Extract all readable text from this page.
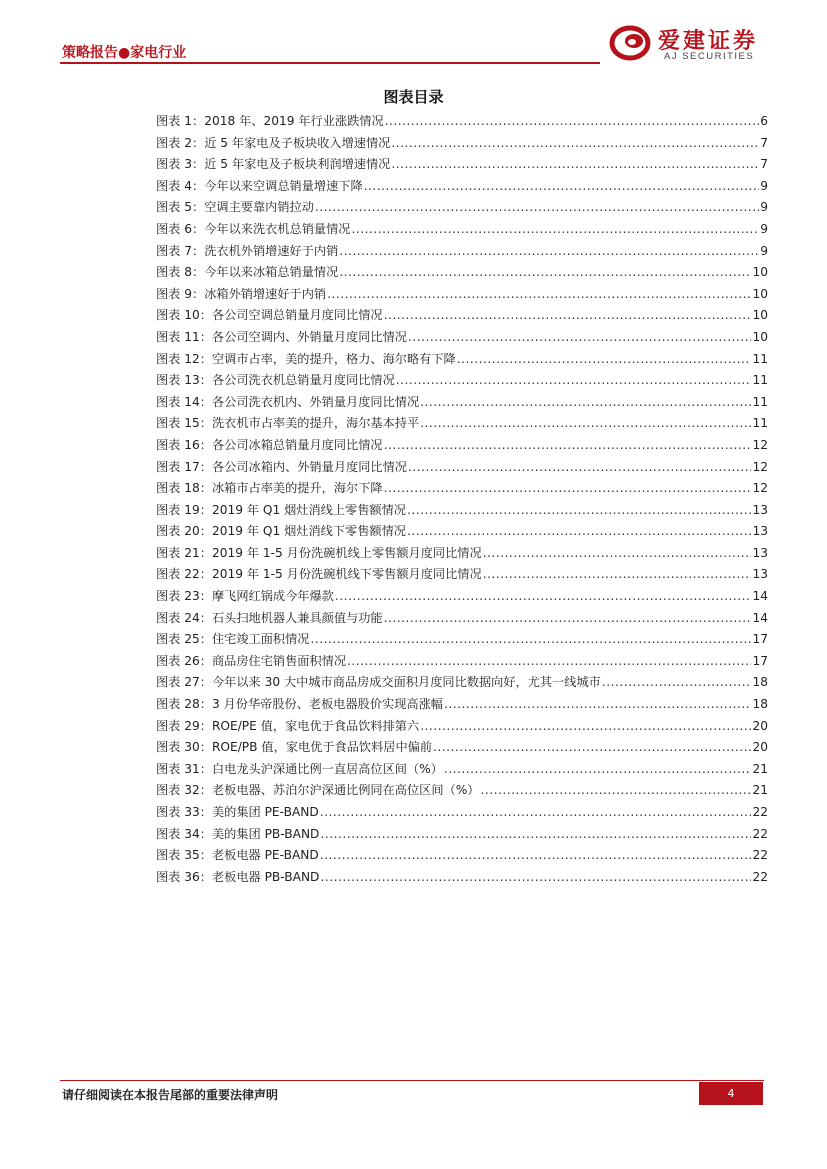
策略报告●家电行业	爱建证券
AJ SECURITIES
图表目录
图表 1：2018 年、2019 年行业涨跌情况 .....	6
图表 2：近 5 年家电及子板块收入增速情况 .....	7
图表 3：近 5 年家电及子板块利润增速情况 .....	7
图表 4：今年以来空调总销量增速下降 .....	9
图表 5：空调主要靠内销拉动 .....	9
图表 6：今年以来洗衣机总销量情况 .....	9
图表 7：洗衣机外销增速好于内销 .....	9
图表 8：今年以来冰箱总销量情况 .....	10
图表 9：冰箱外销增速好于内销 .....	10
图表 10：各公司空调总销量月度同比情况 .....	10
图表 11：各公司空调内、外销量月度同比情况 .....	10
图表 12：空调市占率，美的提升，格力、海尔略有下降 .....	11
图表 13：各公司洗衣机总销量月度同比情况 .....	11
图表 14：各公司洗衣机内、外销量月度同比情况 .....	11
图表 15：洗衣机市占率美的提升，海尔基本持平 .....	11
图表 16：各公司冰箱总销量月度同比情况 .....	12
图表 17：各公司冰箱内、外销量月度同比情况 .....	12
图表 18：冰箱市占率美的提升，海尔下降 .....	12
图表 19：2019 年 Q1 烟灶消线上零售额情况 .....	13
图表 20：2019 年 Q1 烟灶消线下零售额情况 .....	13
图表 21：2019 年 1-5 月份洗碗机线上零售额月度同比情况 .....	13
图表 22：2019 年 1-5 月份洗碗机线下零售额月度同比情况 .....	13
图表 23：摩飞网红锅成今年爆款 .....	14
图表 24：石头扫地机器人兼具颜值与功能 .....	14
图表 25：住宅竣工面积情况 .....	17
图表 26：商品房住宅销售面积情况 .....	17
图表 27：今年以来 30 大中城市商品房成交面积月度同比数据向好，尤其一线城市 .....	18
图表 28：3 月份华帝股份、老板电器股价实现高涨幅 .....	18
图表 29：ROE/PE 值，家电优于食品饮料排第六 .....	20
图表 30：ROE/PB 值，家电优于食品饮料居中偏前 .....	20
图表 31：白电龙头沪深通比例一直居高位区间（%） .....	21
图表 32：老板电器、苏泊尔沪深通比例同在高位区间（%） .....	21
图表 33：美的集团 PE-BAND .....	22
图表 34：美的集团 PB-BAND .....	22
图表 35：老板电器 PE-BAND .....	22
图表 36：老板电器 PB-BAND .....	22
请仔细阅读在本报告尾部的重要法律声明	4
